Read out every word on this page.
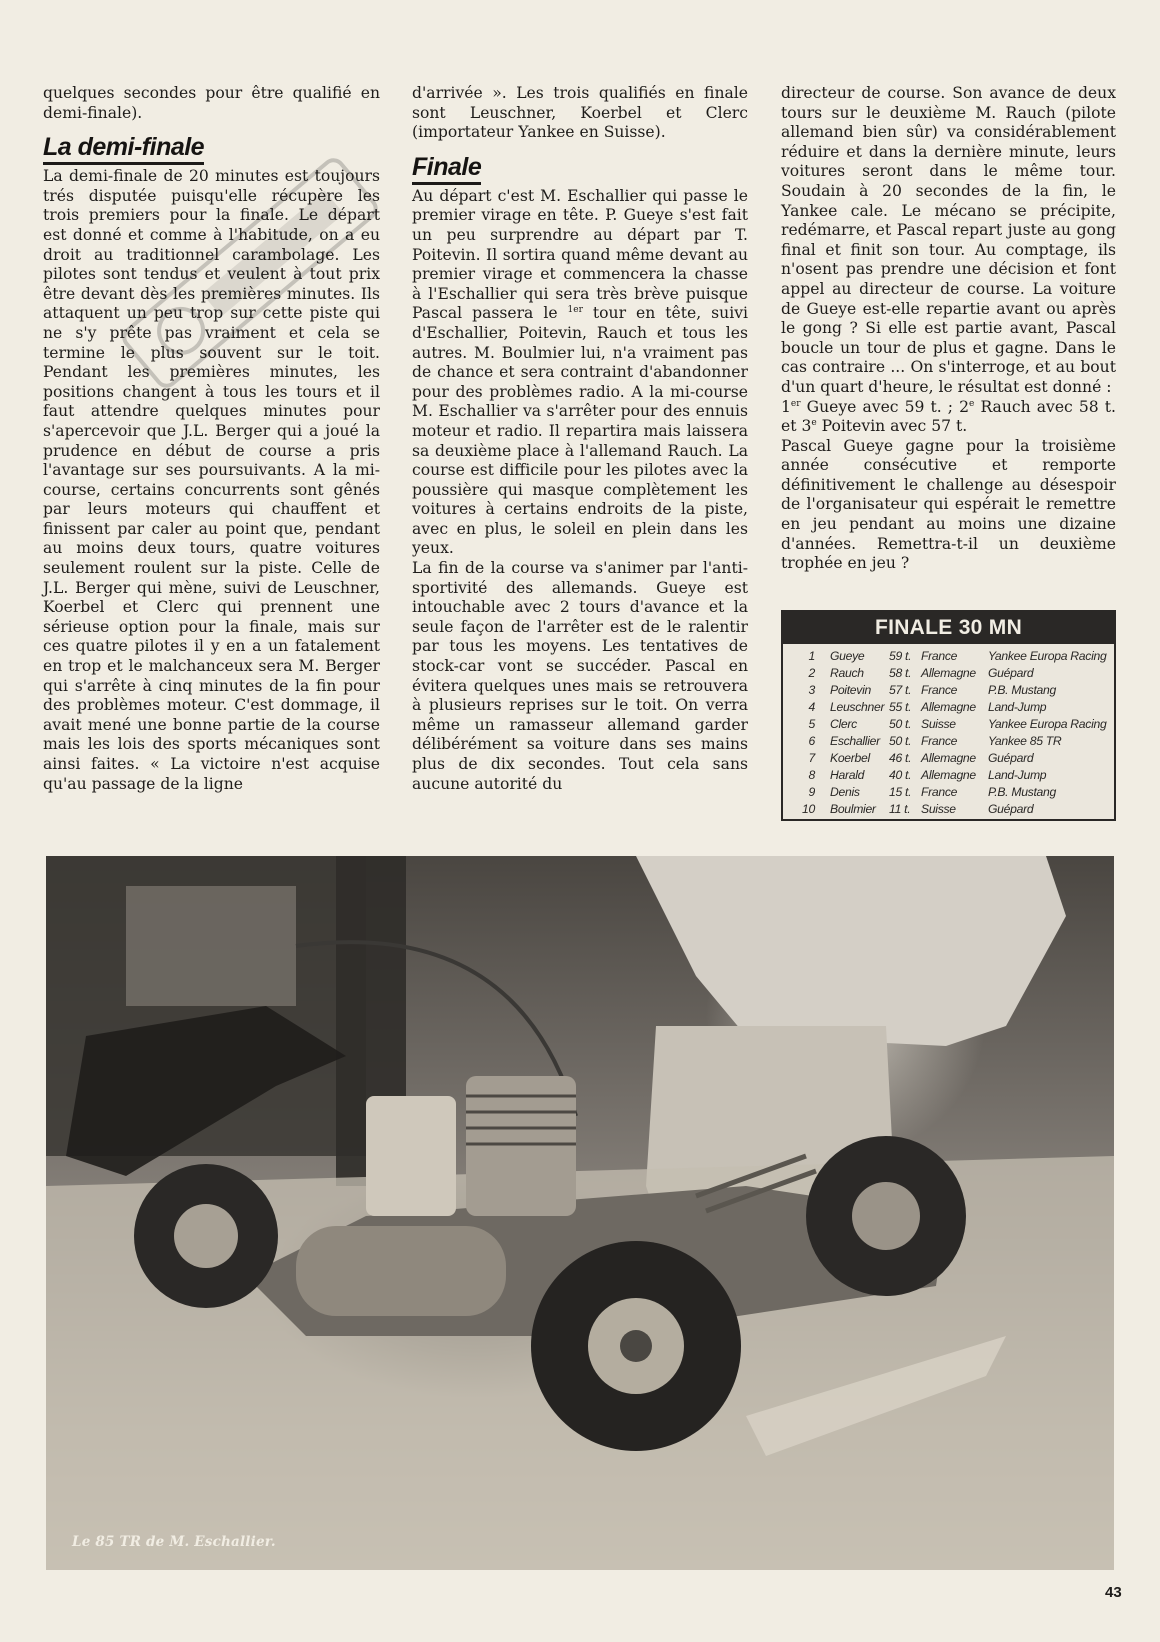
quelques secondes pour être qualifié en demi-finale).

La demi-finale

La demi-finale de 20 minutes est toujours trés disputée puisqu'elle récupère les trois premiers pour la finale. Le départ est donné et comme à l'habitude, on a eu droit au traditionnel carambolage. Les pilotes sont tendus et veulent à tout prix être devant dès les premières minutes. Ils attaquent un peu trop sur cette piste qui ne s'y prête pas vraiment et cela se termine le plus souvent sur le toit. Pendant les premières minutes, les positions changent à tous les tours et il faut attendre quelques minutes pour s'apercevoir que J.L. Berger qui a joué la prudence en début de course a pris l'avantage sur ses poursuivants. A la mi-course, certains concurrents sont gênés par leurs moteurs qui chauffent et finissent par caler au point que, pendant au moins deux tours, quatre voitures seulement roulent sur la piste. Celle de J.L. Berger qui mène, suivi de Leuschner, Koerbel et Clerc qui prennent une sérieuse option pour la finale, mais sur ces quatre pilotes il y en a un fatalement en trop et le malchanceux sera M. Berger qui s'arrête à cinq minutes de la fin pour des problèmes moteur. C'est dommage, il avait mené une bonne partie de la course mais les lois des sports mécaniques sont ainsi faites. « La victoire n'est acquise qu'au passage de la ligne

d'arrivée ». Les trois qualifiés en finale sont Leuschner, Koerbel et Clerc (importateur Yankee en Suisse).

Finale

Au départ c'est M. Eschallier qui passe le premier virage en tête. P. Gueye s'est fait un peu surprendre au départ par T. Poitevin. Il sortira quand même devant au premier virage et commencera la chasse à l'Eschallier qui sera très brève puisque Pascal passera le $^{1er}$ tour en tête, suivi d'Eschallier, Poitevin, Rauch et tous les autres. M. Boulmier lui, n'a vraiment pas de chance et sera contraint d'abandonner pour des problèmes radio. A la mi-course M. Eschallier va s'arrêter pour des ennuis moteur et radio. Il repartira mais laissera sa deuxième place à l'allemand Rauch. La course est difficile pour les pilotes avec la poussière qui masque complètement les voitures à certains endroits de la piste, avec en plus, le soleil en plein dans les yeux.

La fin de la course va s'animer par l'anti-sportivité des allemands. Gueye est intouchable avec 2 tours d'avance et la seule façon de l'arrêter est de le ralentir par tous les moyens. Les tentatives de stock-car vont se succéder. Pascal en évitera quelques unes mais se retrouvera à plusieurs reprises sur le toit. On verra même un ramasseur allemand garder délibérément sa voiture dans ses mains plus de dix secondes. Tout cela sans aucune autorité du

directeur de course. Son avance de deux tours sur le deuxième M. Rauch (pilote allemand bien sûr) va considérablement réduire et dans la dernière minute, leurs voitures seront dans le même tour. Soudain à 20 secondes de la fin, le Yankee cale. Le mécano se précipite, redémarre, et Pascal repart juste au gong final et finit son tour. Au comptage, ils n'osent pas prendre une décision et font appel au directeur de course. La voiture de Gueye est-elle repartie avant ou après le gong ? Si elle est partie avant, Pascal boucle un tour de plus et gagne. Dans le cas contraire ... On s'interroge, et au bout d'un quart d'heure, le résultat est donné :

1er Gueye avec 59 t. ; 2e Rauch avec 58 t. et 3e Poitevin avec 57 t.

Pascal Gueye gagne pour la troisième année consécutive et remporte définitivement le challenge au désespoir de l'organisateur qui espérait le remettre en jeu pendant au moins une dizaine d'années. Remettra-t-il un deuxième trophée en jeu ?

FINALE 30 MN
1 Gueye 59 t. France	Yankee Europa Racing
2 Rauch 58 t. Allemagne Guépard
3 Poitevin 57 t. France	P.B. Mustang
4 Leuschner 55 t. Allemagne Land-Jump
5 Clerc	50 t. Suisse	Yankee Europa Racing
6 Eschallier 50 t. France	Yankee 85 TR
7 Koerbel 46 t. Allemagne Guépard
8 Harald 40 t. Allemagne Land-Jump
9 Denis 15 t. France	P.B. Mustang
10 Boulmier 11 t. Suisse	Guépard
Le 85 TR de M. Eschallier.
43
